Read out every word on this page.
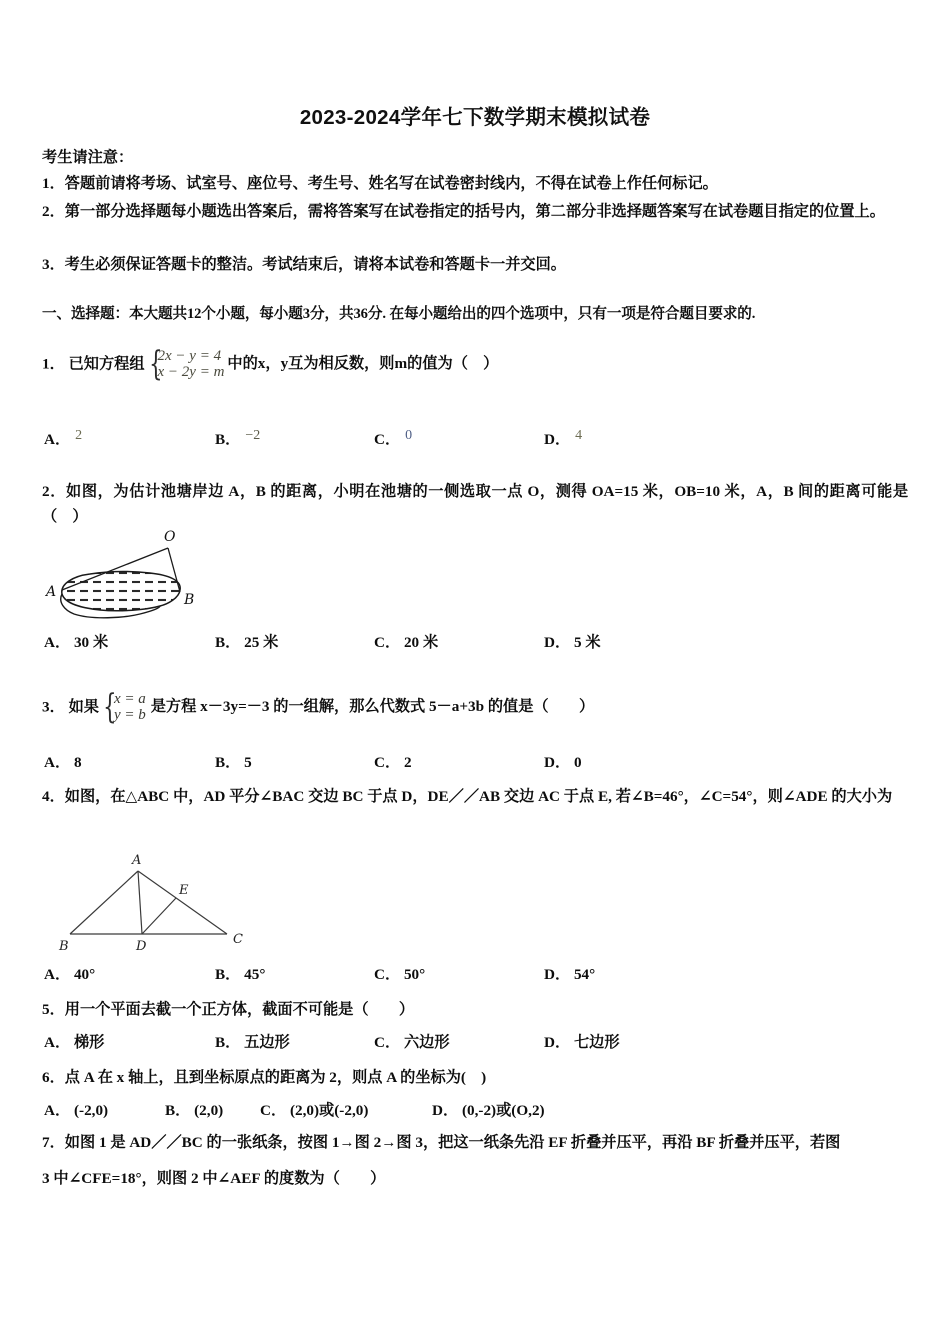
2023-2024学年七下数学期末模拟试卷
考生请注意：
1．答题前请将考场、试室号、座位号、考生号、姓名写在试卷密封线内，不得在试卷上作任何标记。
2．第一部分选择题每小题选出答案后，需将答案写在试卷指定的括号内，第二部分非选择题答案写在试卷题目指定的位置上。
3．考生必须保证答题卡的整洁。考试结束后，请将本试卷和答题卡一并交回。
一、选择题：本大题共12个小题，每小题3分，共36分. 在每小题给出的四个选项中，只有一项是符合题目要求的.
1． 已知方程组 {
2x − y = 4
x − 2y = m 中的x，y互为相反数，则m的值为（　）
A． 2	B． −2	C． 0	D． 4
2．如图，为估计池塘岸边 A，B 的距离，小明在池塘的一侧选取一点 O，测得 OA=15 米，OB=10 米，A，B 间的距离可能是（　）
O
A	B
A． 30 米	B． 25 米	C． 20 米	D． 5 米
3． 如果 {
x = a
y = b 是方程 x－3y=－3 的一组解，那么代数式 5－a+3b 的值是（　　）
A． 8	B． 5	C． 2	D． 0
4．如图，在△ABC 中，AD 平分∠BAC 交边 BC 于点 D，DE／／AB 交边 AC 于点 E, 若∠B=46°，∠C=54°，则∠ADE 的大小为
A
B	C
D
E
A． 40°	B． 45°	C． 50°	D． 54°
5．用一个平面去截一个正方体，截面不可能是（　　）
A． 梯形	B． 五边形	C． 六边形	D． 七边形
6．点 A 在 x 轴上，且到坐标原点的距离为 2，则点 A 的坐标为(　)
A． (-2,0)	B． (2,0) C． (2,0)或(-2,0)	D． (0,-2)或(O,2)
7．如图 1 是 AD／／BC 的一张纸条，按图 1→图 2→图 3，把这一纸条先沿 EF 折叠并压平，再沿 BF 折叠并压平，若图
3 中∠CFE=18°，则图 2 中∠AEF 的度数为（　　）
